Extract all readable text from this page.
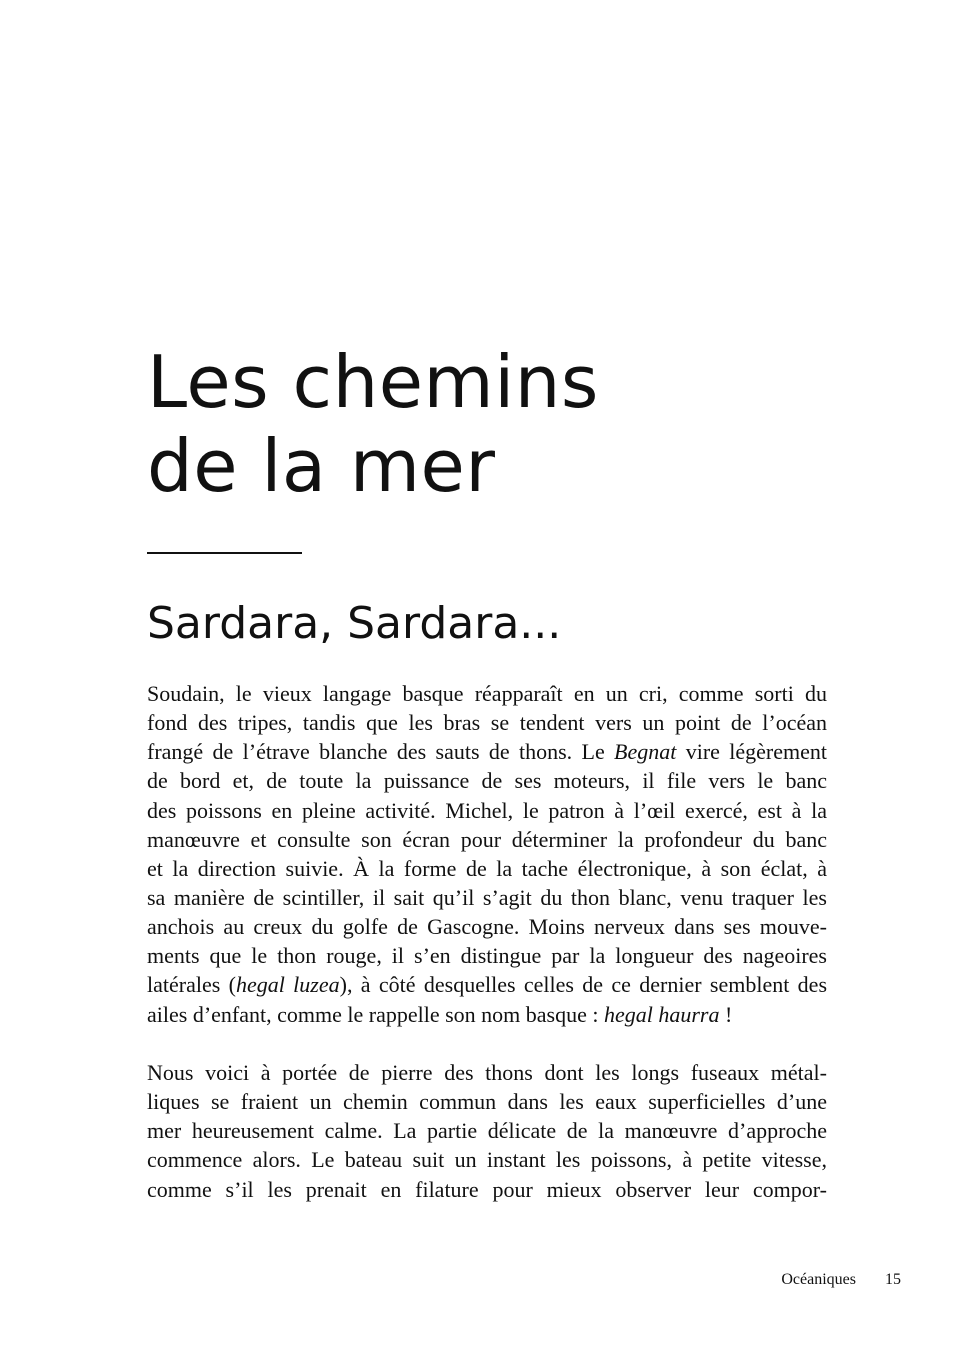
Les chemins
de la mer
Sardara, Sardara...
Soudain, le vieux langage basque réapparaît en un cri, comme sorti du
fond des tripes, tandis que les bras se tendent vers un point de l’océan
frangé de l’étrave blanche des sauts de thons. Le Begnat vire légèrement
de bord et, de toute la puissance de ses moteurs, il file vers le banc
des poissons en pleine activité. Michel, le patron à l’œil exercé, est à la
manœuvre et consulte son écran pour déterminer la profondeur du banc
et la direction suivie. À la forme de la tache électronique, à son éclat, à
sa manière de scintiller, il sait qu’il s’agit du thon blanc, venu traquer les
anchois au creux du golfe de Gascogne. Moins nerveux dans ses mouve-
ments que le thon rouge, il s’en distingue par la longueur des nageoires
latérales (hegal luzea), à côté desquelles celles de ce dernier semblent des
ailes d’enfant, comme le rappelle son nom basque : hegal haurra !
Nous voici à portée de pierre des thons dont les longs fuseaux métal-
liques se fraient un chemin commun dans les eaux superficielles d’une
mer heureusement calme. La partie délicate de la manœuvre d’approche
commence alors. Le bateau suit un instant les poissons, à petite vitesse,
comme s’il les prenait en filature pour mieux observer leur compor-
Océaniques 15
